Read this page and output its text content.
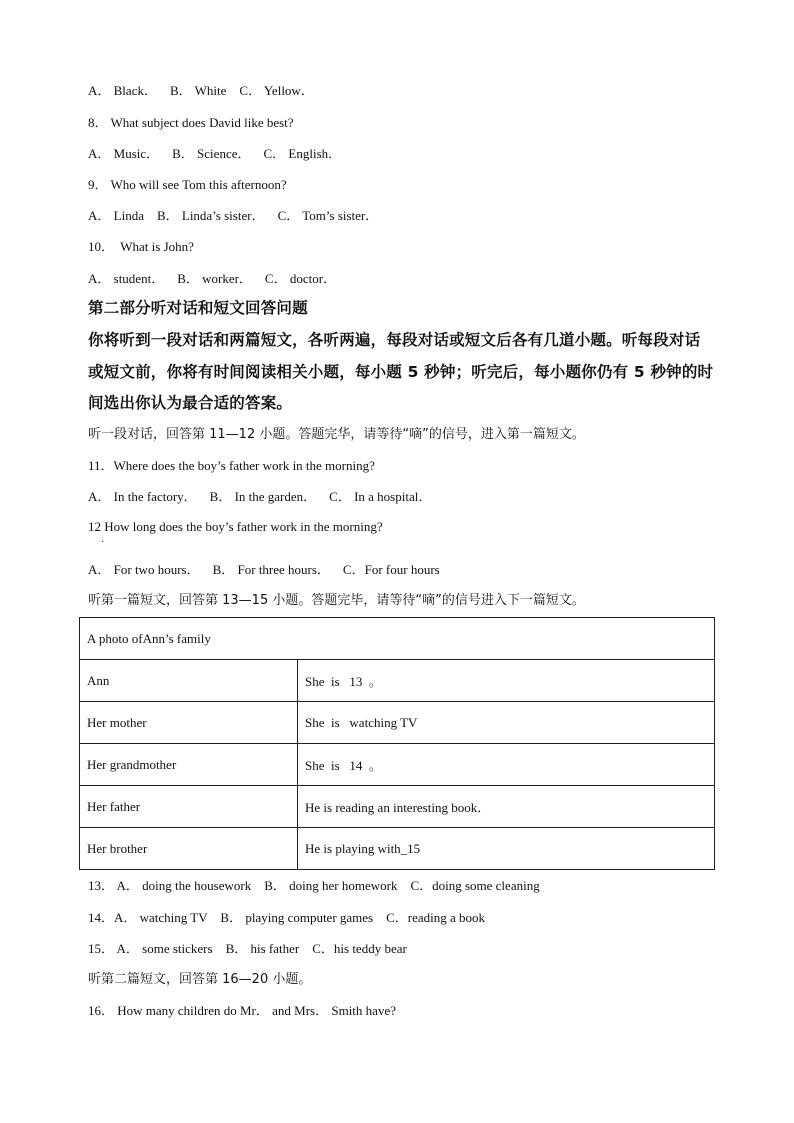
A． Black．    B． White    C． Yellow．
8． What subject does David like best?
A． Music．    B． Science．    C． English．
9． Who will see Tom this afternoon?
A． Linda    B． Linda’s sister．    C． Tom’s sister．
10．  What is John?
A． student．    B． worker．    C． doctor．
第二部分听对话和短文回答问题
你将听到一段对话和两篇短文，各听两遍，每段对话或短文后各有几道小题。听每段对话
或短文前，你将有时间阅读相关小题，每小题 5 秒钟；听完后，每小题你仍有 5 秒钟的时
间选出你认为最合适的答案。
听一段对话，回答第 11—12 小题。答题完华，请等待“嘀”的信号，进入第一篇短文。
11．Where does the boy’s father work in the morning?
A． In the factory．    B． In the garden．    C． In a hospital．
12 How long does the boy’s father work in the morning?
·
A． For two hours．    B． For three hours．    C．For four hours
听第一篇短文，回答第 13—15 小题。答题完毕，请等待“嘀”的信号进入下一篇短文。
A photo ofAnn’s family	
Ann	She  is   13  。
Her mother	She  is   watching TV
Her grandmother	She  is   14  。
Her father	He is reading an interesting book．
Her brother	He is playing with_15
13． A． doing the housework    B． doing her homework    C．doing some cleaning
14．A． watching TV    B． playing computer games    C．reading a book
15． A． some stickers    B． his father    C．his teddy bear
听第二篇短文，回答第 16—20 小题。
16． How many children do Mr． and Mrs． Smith have?
